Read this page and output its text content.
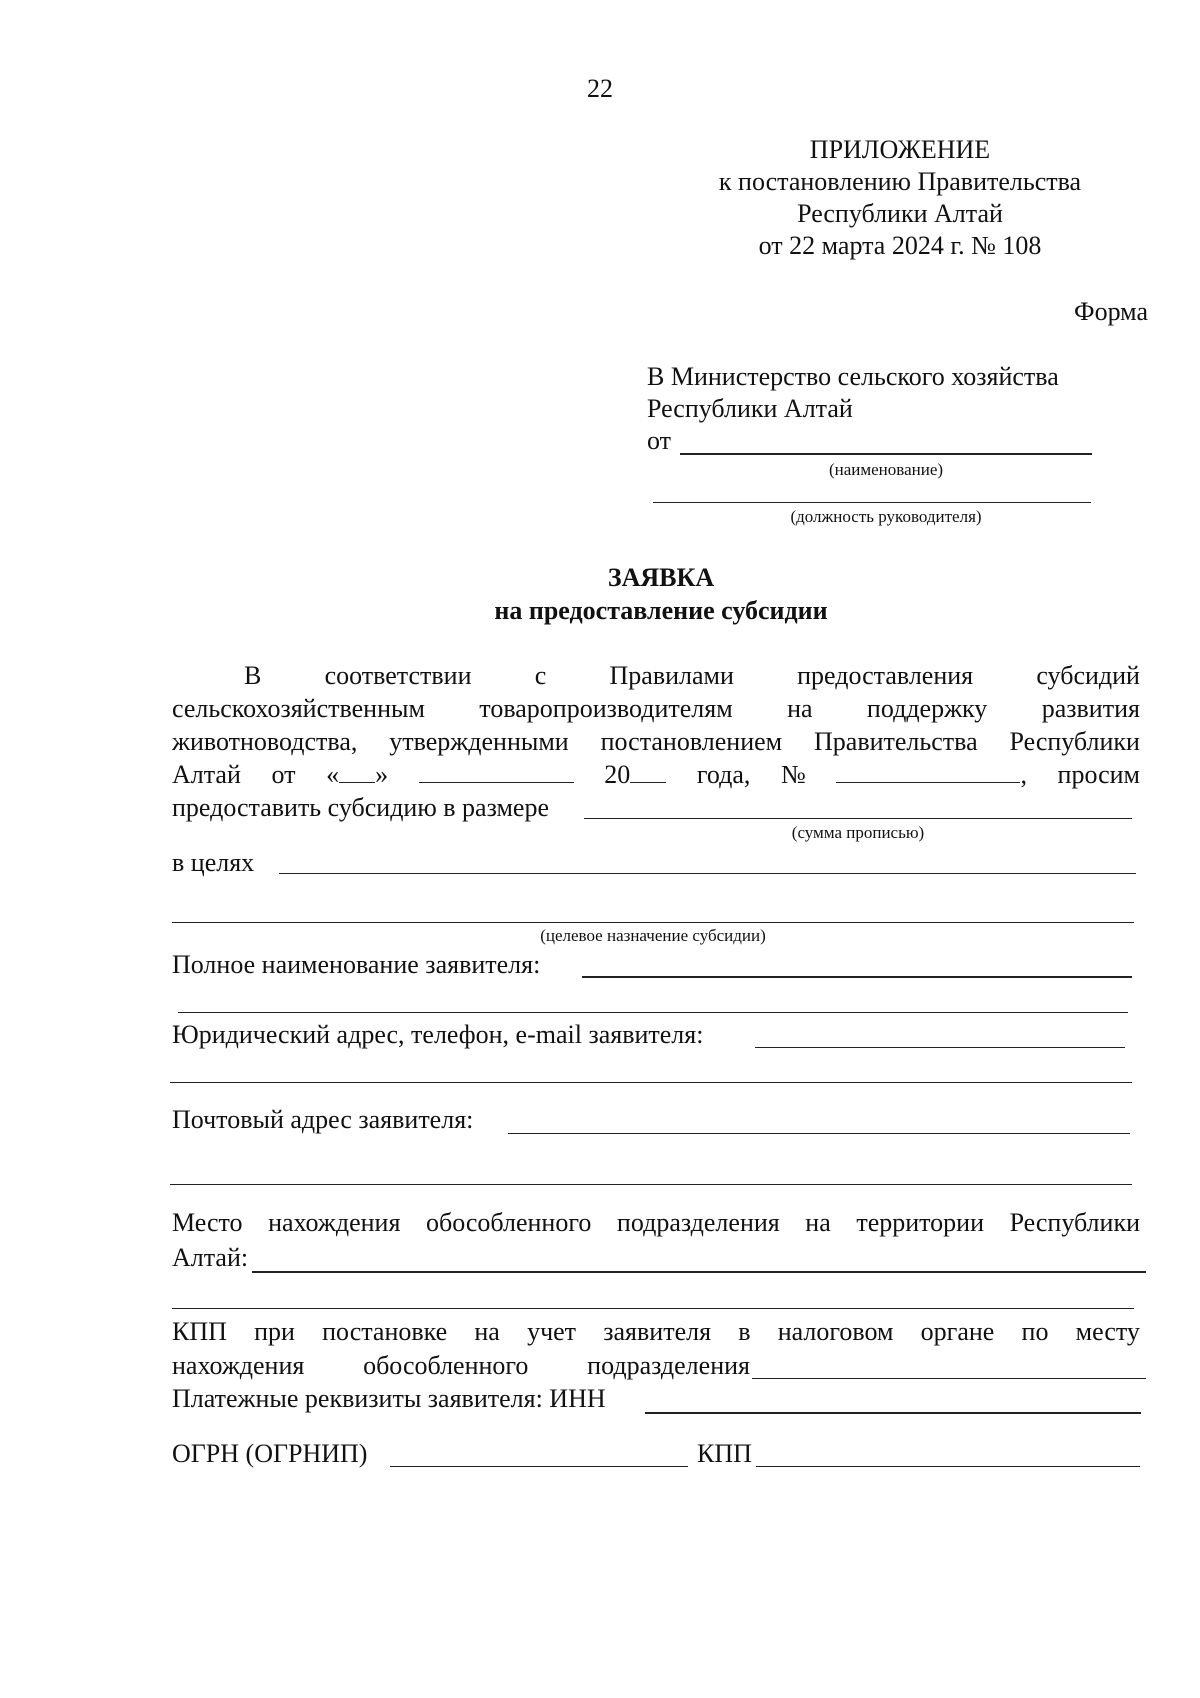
22
ПРИЛОЖЕНИЕ
к постановлению Правительства
Республики Алтай
от 22 марта 2024 г. № 108
Форма
В Министерство сельского хозяйства
Республики Алтай
от
(наименование)
(должность руководителя)
ЗАЯВКА
на предоставление субсидии
В соответствии с Правилами предоставления субсидий
сельскохозяйственным товаропроизводителям на поддержку развития
животноводства, утвержденными постановлением Правительства Республики
Алтай от « »	20	года, №	, просим
предоставить субсидию в размере
(сумма прописью)
в целях
(целевое назначение субсидии)
Полное наименование заявителя:
Юридический адрес, телефон, e-mail заявителя:
Почтовый адрес заявителя:
Место нахождения обособленного подразделения на территории Республики
Алтай:
КПП при постановке на учет заявителя в налоговом органе по месту
нахождения обособленного подразделения
Платежные реквизиты заявителя: ИНН
ОГРН (ОГРНИП)	КПП
